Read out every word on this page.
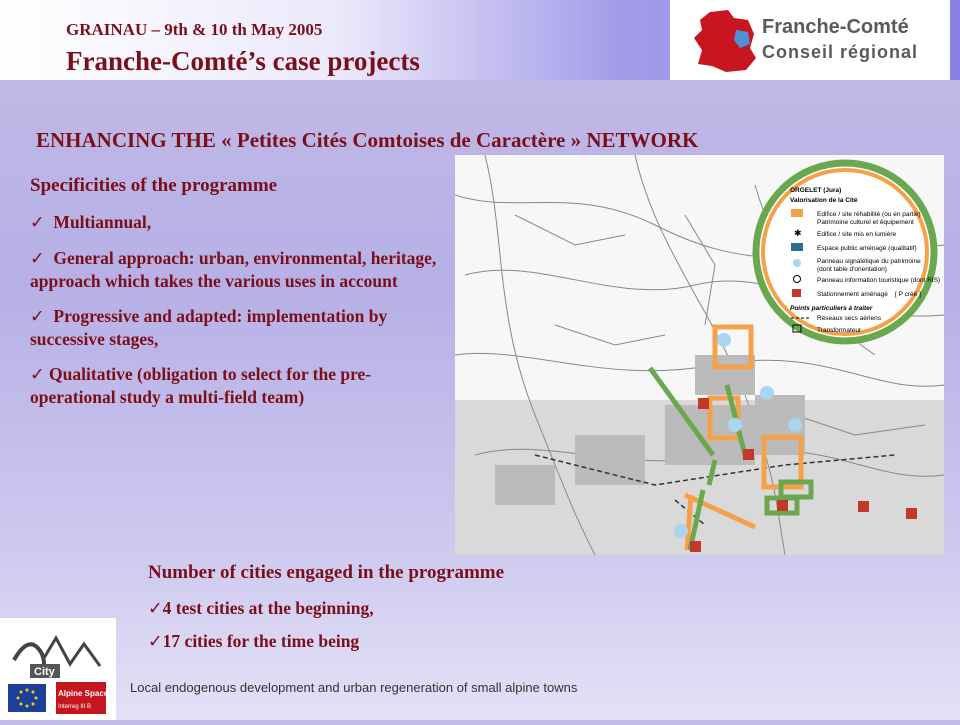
GRAINAU – 9th & 10 th May 2005
Franche-Comté’s case projects
Franche-Comté
Conseil régional
ENHANCING THE « Petites Cités Comtoises de Caractère » NETWORK
Specificities of the programme
✓ Multiannual,
✓ General approach: urban, environmental, heritage, approach which takes the various uses in account
✓ Progressive and adapted: implementation by successive stages,
✓ Qualitative (obligation to select for the pre-operational study a multi-field team)
ORGELET (Jura)
Valorisation de la Cité
Edifice / site réhabilité (ou en partie)
Patrimoine culturel et équipement
✱ Edifice / site mis en lumière
Espace public aménagé (qualitatif)
Panneau signalétique du patrimoine
(dont table d'orientation)
Panneau information touristique (dont RIS)
Stationnement aménagé [ P créé ]
Points particuliers à traiter
Réseaux secs aériens
Transformateur
Number of cities engaged in the programme
✓4 test cities at the beginning,
✓17 cities for the time being
City
Alpine Space
Interreg III B
Local endogenous development and urban regeneration of small alpine towns
